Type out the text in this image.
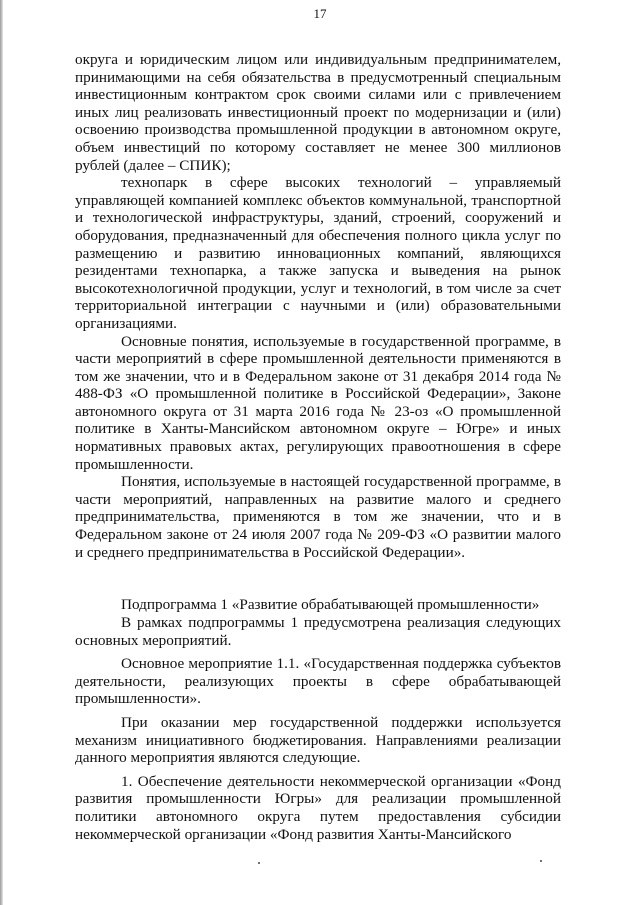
17

округа и юридическим лицом или индивидуальным предпринимателем, принимающими на себя обязательства в предусмотренный специальным инвестиционным контрактом срок своими силами или с привлечением иных лиц реализовать инвестиционный проект по модернизации и (или) освоению производства промышленной продукции в автономном округе, объем инвестиций по которому составляет не менее 300 миллионов рублей (далее – СПИК);

технопарк в сфере высоких технологий – управляемый управляющей компанией комплекс объектов коммунальной, транспортной и технологической инфраструктуры, зданий, строений, сооружений и оборудования, предназначенный для обеспечения полного цикла услуг по размещению и развитию инновационных компаний, являющихся резидентами технопарка, а также запуска и выведения на рынок высокотехнологичной продукции, услуг и технологий, в том числе за счет территориальной интеграции с научными и (или) образовательными организациями.

Основные понятия, используемые в государственной программе, в части мероприятий в сфере промышленной деятельности применяются в том же значении, что и в Федеральном законе от 31 декабря 2014 года № 488-ФЗ «О промышленной политике в Российской Федерации», Законе автономного округа от 31 марта 2016 года № 23-оз «О промышленной политике в Ханты-Мансийском автономном округе – Югре» и иных нормативных правовых актах, регулирующих правоотношения в сфере промышленности.

Понятия, используемые в настоящей государственной программе, в части мероприятий, направленных на развитие малого и среднего предпринимательства, применяются в том же значении, что и в Федеральном законе от 24 июля 2007 года № 209-ФЗ «О развитии малого и среднего предпринимательства в Российской Федерации».

Подпрограмма 1 «Развитие обрабатывающей промышленности»

В рамках подпрограммы 1 предусмотрена реализация следующих основных мероприятий.

Основное мероприятие 1.1. «Государственная поддержка субъектов деятельности, реализующих проекты в сфере обрабатывающей промышленности».

При оказании мер государственной поддержки используется механизм инициативного бюджетирования. Направлениями реализации данного мероприятия являются следующие.

1. Обеспечение деятельности некоммерческой организации «Фонд развития промышленности Югры» для реализации промышленной политики автономного округа путем предоставления субсидии некоммерческой организации «Фонд развития Ханты-Мансийского
